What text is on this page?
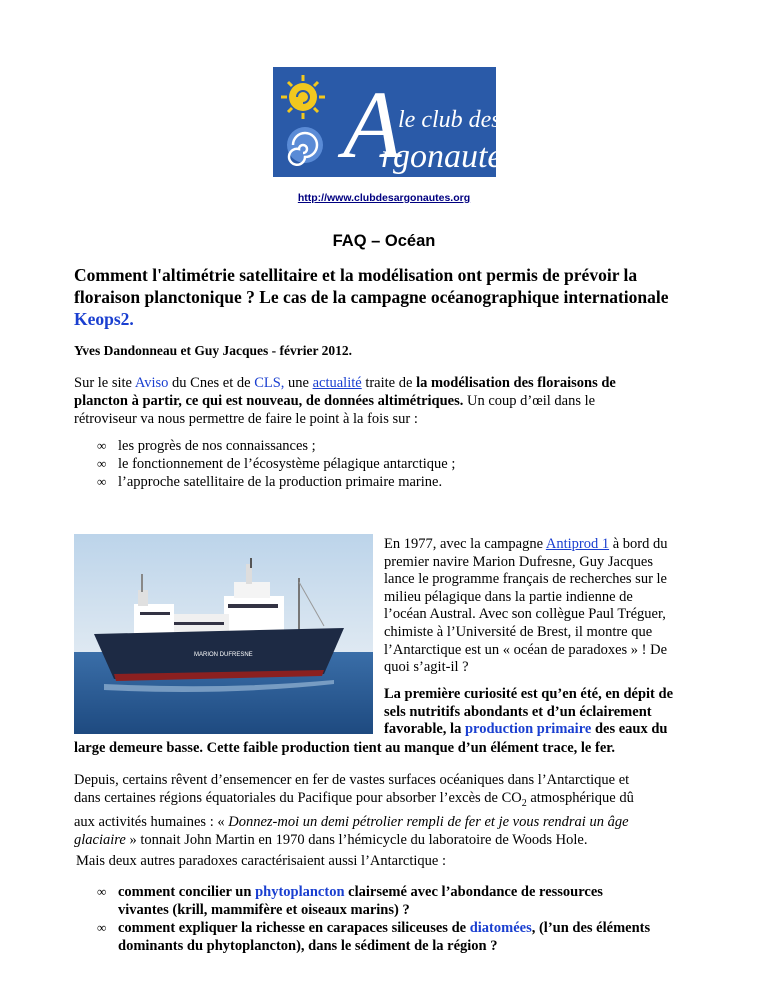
A
le club des
rgonautes
http://www.clubdesargonautes.org
FAQ – Océan
Comment l'altimétrie satellitaire et la modélisation ont permis de prévoir la
floraison planctonique ? Le cas de la campagne océanographique internationale
Keops2.
Yves Dandonneau et Guy Jacques - février 2012.
Sur le site Aviso du Cnes et de CLS, une actualité traite de la modélisation des floraisons de
plancton à partir, ce qui est nouveau, de données altimétriques. Un coup d’œil dans le
rétroviseur va nous permettre de faire le point à la fois sur :
∞ les progrès de nos connaissances ;
∞ le fonctionnement de l’écosystème pélagique antarctique ;
∞ l’approche satellitaire de la production primaire marine.
MARION DUFRESNE
En 1977, avec la campagne Antiprod 1 à bord du
premier navire Marion Dufresne, Guy Jacques
lance le programme français de recherches sur le
milieu pélagique dans la partie indienne de
l’océan Austral. Avec son collègue Paul Tréguer,
chimiste à l’Université de Brest, il montre que
l’Antarctique est un « océan de paradoxes » ! De
quoi s’agit-il ?
La première curiosité est qu’en été, en dépit de
sels nutritifs abondants et d’un éclairement
favorable, la production primaire des eaux du
large demeure basse. Cette faible production tient au manque d’un élément trace, le fer.
Depuis, certains rêvent d’ensemencer en fer de vastes surfaces océaniques dans l’Antarctique et
dans certaines régions équatoriales du Pacifique pour absorber l’excès de $CO_2$ atmosphérique dû
aux activités humaines : « Donnez-moi un demi pétrolier rempli de fer et je vous rendrai un âge
glaciaire » tonnait John Martin en 1970 dans l’hémicycle du laboratoire de Woods Hole.
Mais deux autres paradoxes caractérisaient aussi l’Antarctique :
∞ comment concilier un phytoplancton clairsemé avec l’abondance de ressources
vivantes (krill, mammifère et oiseaux marins) ?
∞ comment expliquer la richesse en carapaces siliceuses de diatomées, (l’un des éléments
dominants du phytoplancton), dans le sédiment de la région ?
